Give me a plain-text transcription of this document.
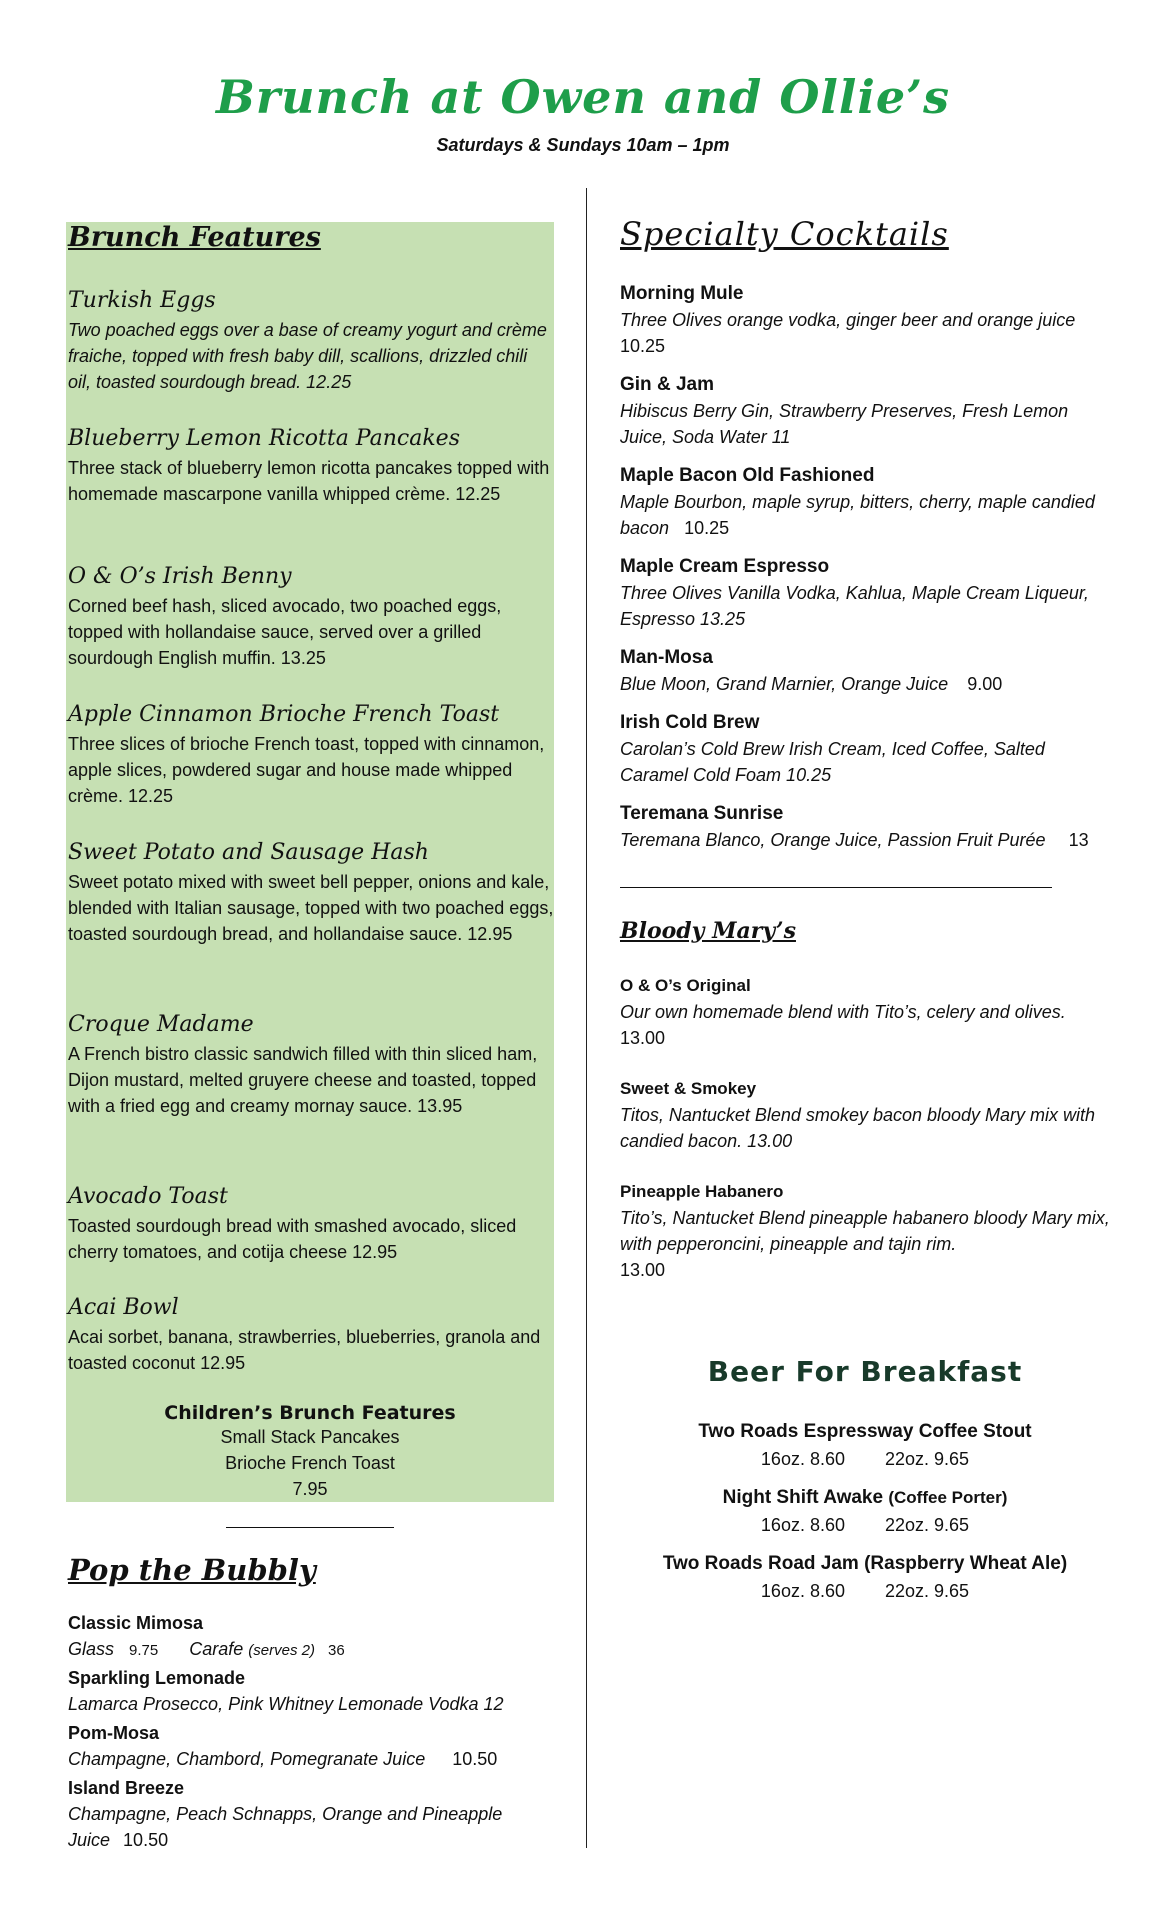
Brunch at Owen and Ollie’s
Saturdays & Sundays 10am – 1pm
Brunch Features
Turkish Eggs
Two poached eggs over a base of creamy yogurt and crème fraiche, topped with fresh baby dill, scallions, drizzled chili oil, toasted sourdough bread. 12.25
Blueberry Lemon Ricotta Pancakes
Three stack of blueberry lemon ricotta pancakes topped with homemade mascarpone vanilla whipped crème. 12.25
O & O’s Irish Benny
Corned beef hash, sliced avocado, two poached eggs, topped with hollandaise sauce, served over a grilled sourdough English muffin. 13.25
Apple Cinnamon Brioche French Toast
Three slices of brioche French toast, topped with cinnamon, apple slices, powdered sugar and house made whipped crème. 12.25
Sweet Potato and Sausage Hash
Sweet potato mixed with sweet bell pepper, onions and kale, blended with Italian sausage, topped with two poached eggs, toasted sourdough bread, and hollandaise sauce. 12.95
Croque Madame
A French bistro classic sandwich filled with thin sliced ham, Dijon mustard, melted gruyere cheese and toasted, topped with a fried egg and creamy mornay sauce. 13.95
Avocado Toast
Toasted sourdough bread with smashed avocado, sliced cherry tomatoes, and cotija cheese 12.95
Acai Bowl
Acai sorbet, banana, strawberries, blueberries, granola and toasted coconut 12.95
Children’s Brunch Features
Small Stack Pancakes
Brioche French Toast
7.95
Pop the Bubbly
Classic Mimosa
Glass 9.75 Carafe (serves 2) 36
Sparkling Lemonade
Lamarca Prosecco, Pink Whitney Lemonade Vodka 12
Pom-Mosa
Champagne, Chambord, Pomegranate Juice 10.50
Island Breeze
Champagne, Peach Schnapps, Orange and Pineapple Juice 10.50
Specialty Cocktails
Morning Mule
Three Olives orange vodka, ginger beer and orange juice
10.25
Gin & Jam
Hibiscus Berry Gin, Strawberry Preserves, Fresh Lemon Juice, Soda Water 11
Maple Bacon Old Fashioned
Maple Bourbon, maple syrup, bitters, cherry, maple candied bacon 10.25
Maple Cream Espresso
Three Olives Vanilla Vodka, Kahlua, Maple Cream Liqueur, Espresso 13.25
Man-Mosa
Blue Moon, Grand Marnier, Orange Juice 9.00
Irish Cold Brew
Carolan’s Cold Brew Irish Cream, Iced Coffee, Salted Caramel Cold Foam 10.25
Teremana Sunrise
Teremana Blanco, Orange Juice, Passion Fruit Purée 13
Bloody Mary’s
O & O’s Original
Our own homemade blend with Tito’s, celery and olives.
13.00
Sweet & Smokey
Titos, Nantucket Blend smokey bacon bloody Mary mix with candied bacon. 13.00
Pineapple Habanero
Tito’s, Nantucket Blend pineapple habanero bloody Mary mix, with pepperoncini, pineapple and tajin rim.
13.00
Beer For Breakfast
Two Roads Espressway Coffee Stout
16oz. 8.60 22oz. 9.65
Night Shift Awake (Coffee Porter)
16oz. 8.60 22oz. 9.65
Two Roads Road Jam (Raspberry Wheat Ale)
16oz. 8.60 22oz. 9.65
